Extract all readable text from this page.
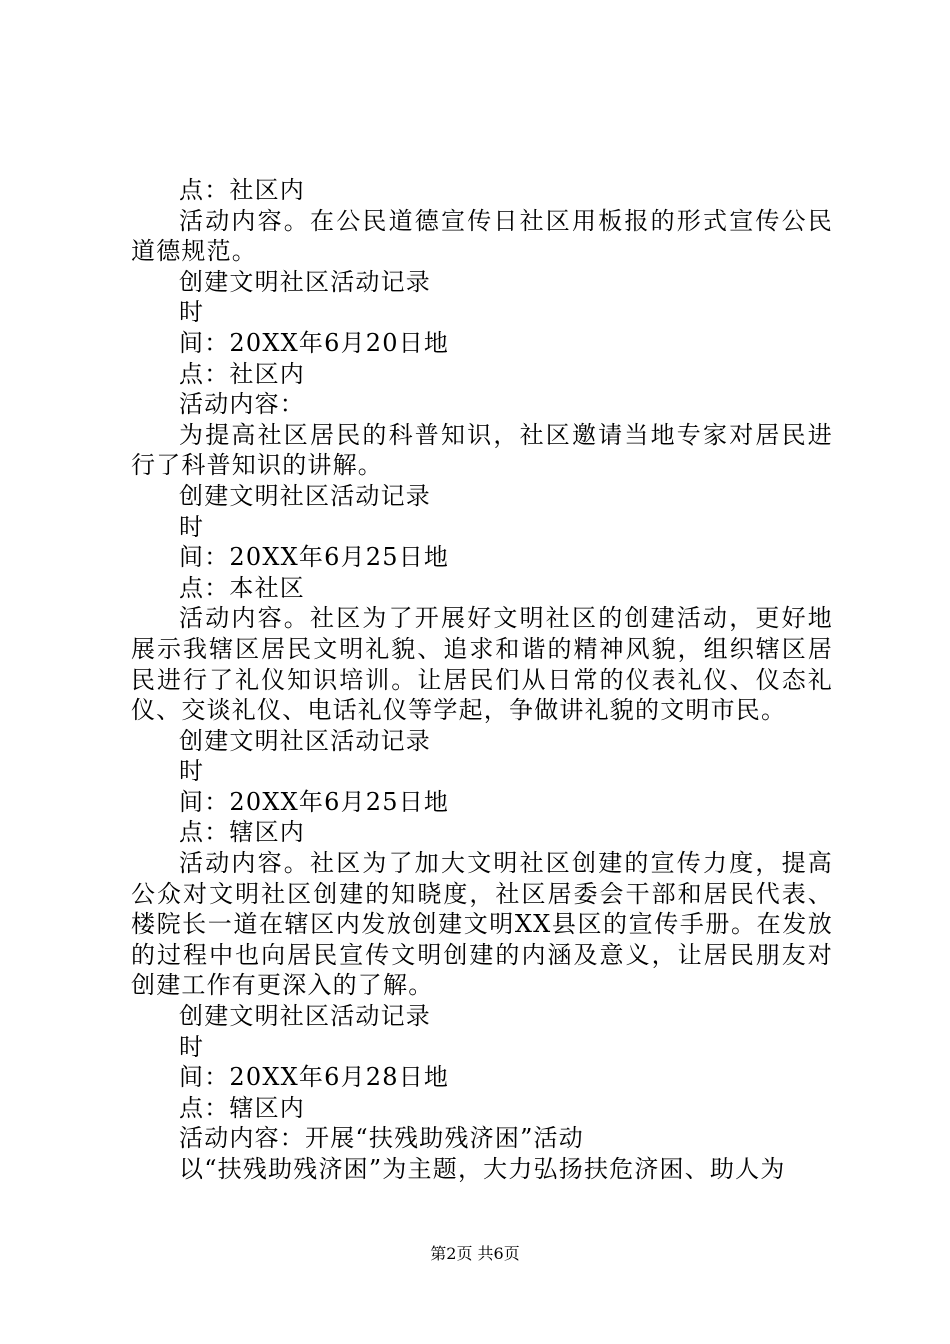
点：社区内
活动内容。在公民道德宣传日社区用板报的形式宣传公民道德规范。
创建文明社区活动记录
时
间：20XX年6月20日地
点：社区内
活动内容：
为提高社区居民的科普知识，社区邀请当地专家对居民进行了科普知识的讲解。
创建文明社区活动记录
时
间：20XX年6月25日地
点：本社区
活动内容。社区为了开展好文明社区的创建活动，更好地展示我辖区居民文明礼貌、追求和谐的精神风貌，组织辖区居民进行了礼仪知识培训。让居民们从日常的仪表礼仪、仪态礼仪、交谈礼仪、电话礼仪等学起，争做讲礼貌的文明市民。
创建文明社区活动记录
时
间：20XX年6月25日地
点：辖区内
活动内容。社区为了加大文明社区创建的宣传力度，提高公众对文明社区创建的知晓度，社区居委会干部和居民代表、楼院长一道在辖区内发放创建文明XX县区的宣传手册。在发放的过程中也向居民宣传文明创建的内涵及意义，让居民朋友对创建工作有更深入的了解。
创建文明社区活动记录
时
间：20XX年6月28日地
点：辖区内
活动内容：开展“扶残助残济困”活动
以“扶残助残济困”为主题，大力弘扬扶危济困、助人为
第2页 共6页
